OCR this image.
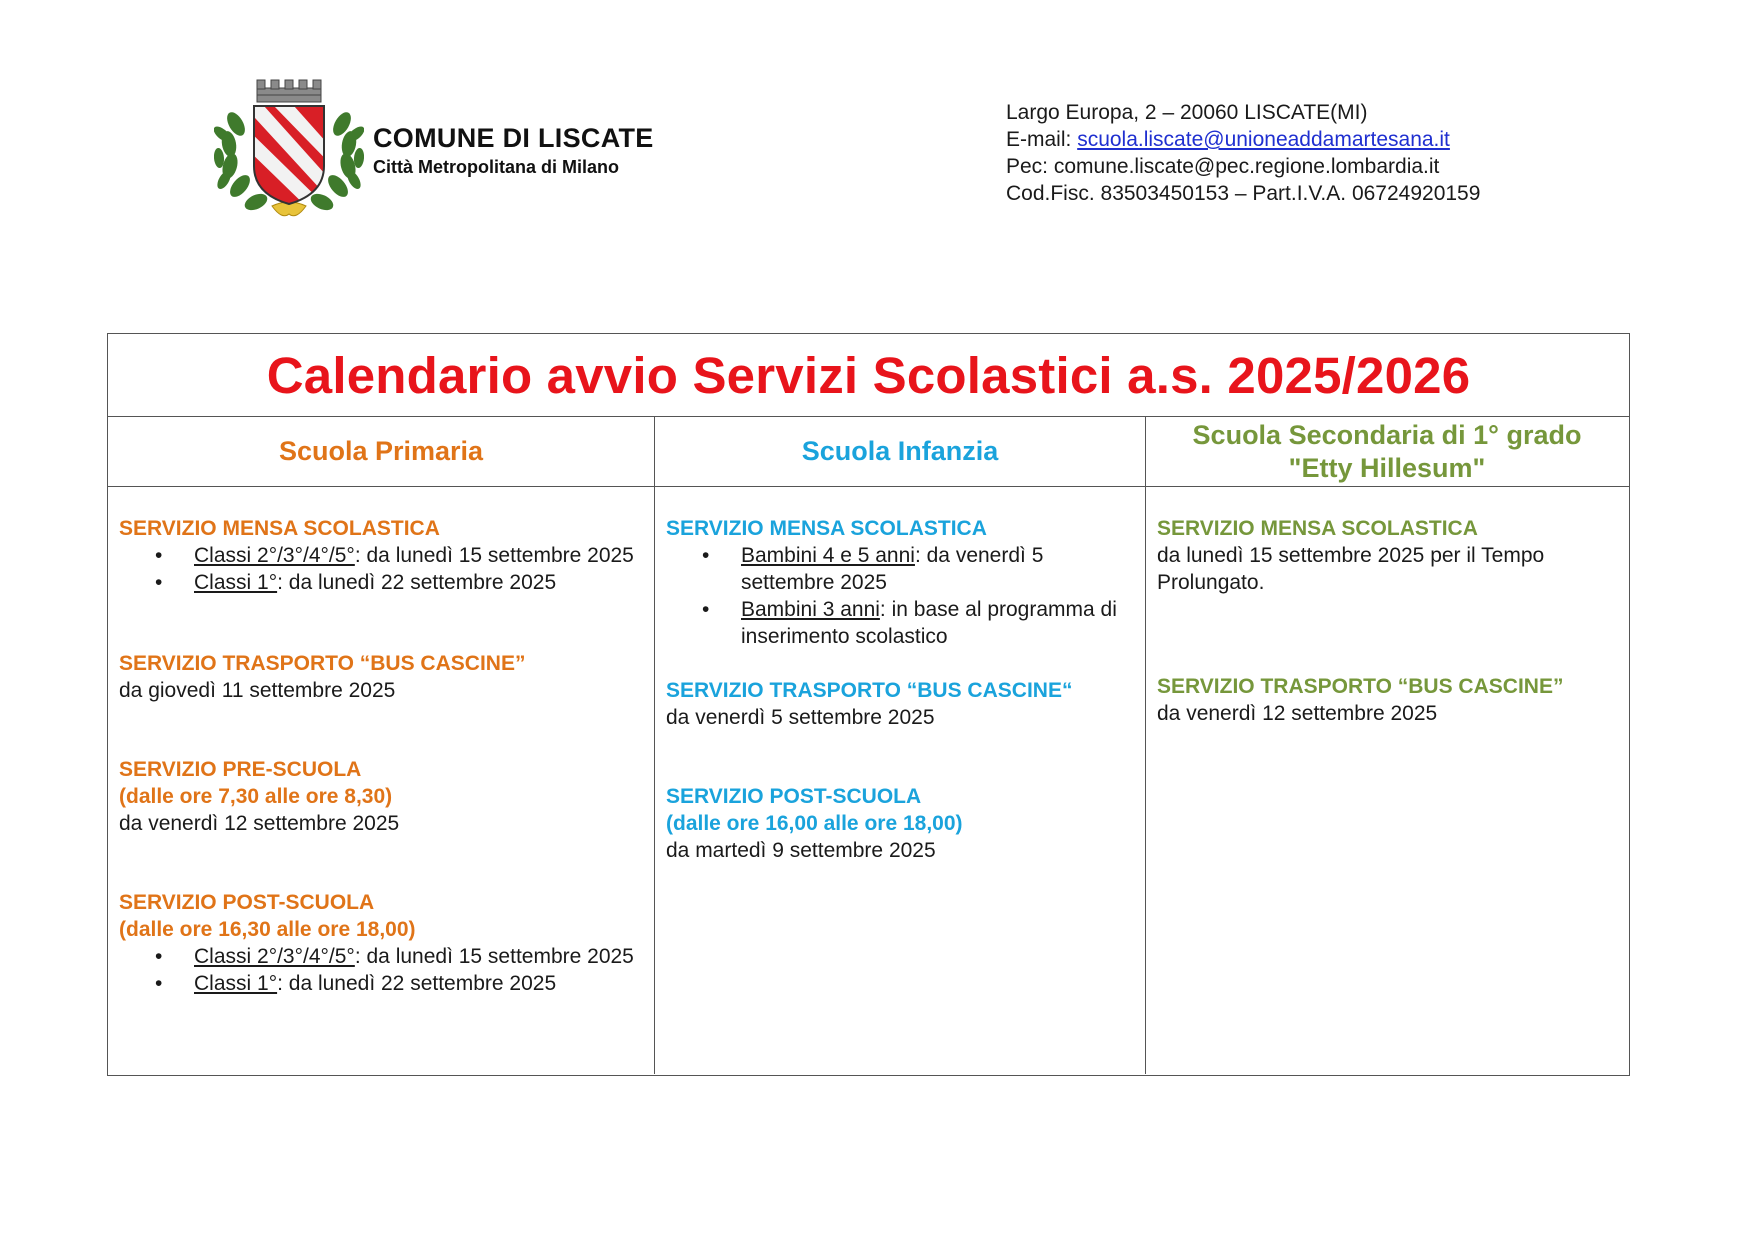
COMUNE DI LISCATE
Città Metropolitana di Milano
Largo Europa, 2 – 20060 LISCATE(MI)
E-mail: scuola.liscate@unioneaddamartesana.it
Pec: comune.liscate@pec.regione.lombardia.it
Cod.Fisc. 83503450153 – Part.I.V.A. 06724920159
Calendario avvio Servizi Scolastici a.s. 2025/2026
Scuola Primaria	Scuola Infanzia
Scuola Secondaria di 1° grado
"Etty Hillesum"
SERVIZIO MENSA SCOLASTICA
• Classi 2°/3°/4°/5°: da lunedì 15 settembre 2025
• Classi 1°: da lunedì 22 settembre 2025
SERVIZIO TRASPORTO “BUS CASCINE”
da giovedì 11 settembre 2025
SERVIZIO PRE-SCUOLA
(dalle ore 7,30 alle ore 8,30)
da venerdì 12 settembre 2025
SERVIZIO POST-SCUOLA
(dalle ore 16,30 alle ore 18,00)
• Classi 2°/3°/4°/5°: da lunedì 15 settembre 2025
• Classi 1°: da lunedì 22 settembre 2025
SERVIZIO MENSA SCOLASTICA
• Bambini 4 e 5 anni: da venerdì 5 settembre 2025
• Bambini 3 anni: in base al programma di inserimento scolastico
SERVIZIO TRASPORTO “BUS CASCINE“
da venerdì 5 settembre 2025
SERVIZIO POST-SCUOLA
(dalle ore 16,00 alle ore 18,00)
da martedì 9 settembre 2025
SERVIZIO MENSA SCOLASTICA
da lunedì 15 settembre 2025 per il Tempo Prolungato.
SERVIZIO TRASPORTO “BUS CASCINE”
da venerdì 12 settembre 2025
